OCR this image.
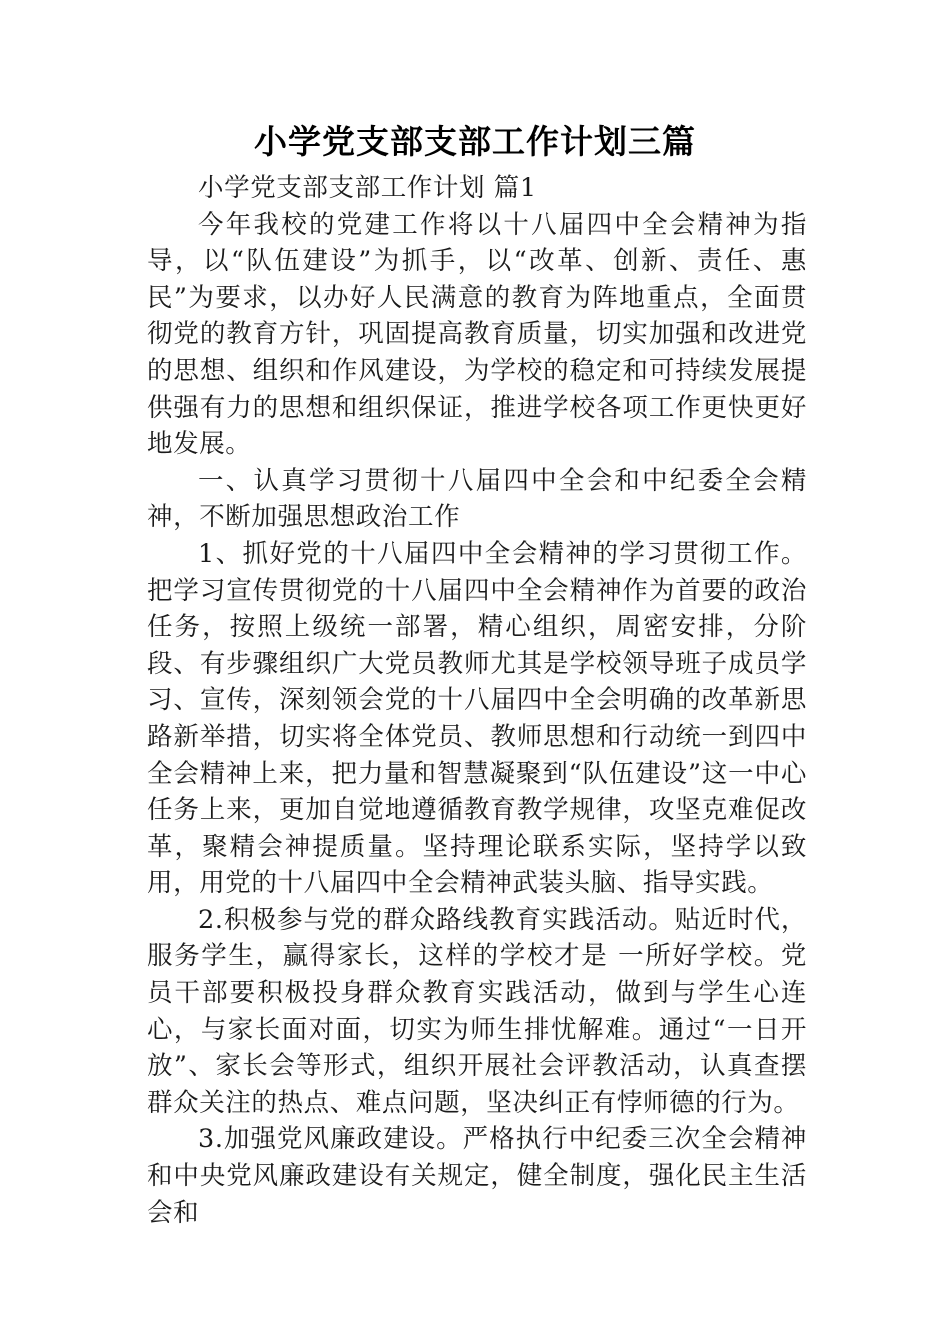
小学党支部支部工作计划三篇

小学党支部支部工作计划 篇1

今年我校的党建工作将以十八届四中全会精神为指导，以“队伍建设”为抓手，以“改革、创新、责任、惠民”为要求，以办好人民满意的教育为阵地重点，全面贯彻党的教育方针，巩固提高教育质量，切实加强和改进党的思想、组织和作风建设，为学校的稳定和可持续发展提供强有力的思想和组织保证，推进学校各项工作更快更好地发展。

一、认真学习贯彻十八届四中全会和中纪委全会精神，不断加强思想政治工作

1、抓好党的十八届四中全会精神的学习贯彻工作。把学习宣传贯彻党的十八届四中全会精神作为首要的政治任务，按照上级统一部署，精心组织，周密安排，分阶段、有步骤组织广大党员教师尤其是学校领导班子成员学习、宣传，深刻领会党的十八届四中全会明确的改革新思路新举措，切实将全体党员、教师思想和行动统一到四中全会精神上来，把力量和智慧凝聚到“队伍建设”这一中心任务上来，更加自觉地遵循教育教学规律，攻坚克难促改革，聚精会神提质量。坚持理论联系实际，坚持学以致用，用党的十八届四中全会精神武装头脑、指导实践。

2.积极参与党的群众路线教育实践活动。贴近时代，服务学生，赢得家长，这样的学校才是 一所好学校。党员干部要积极投身群众教育实践活动，做到与学生心连心，与家长面对面，切实为师生排忧解难。通过“一日开放”、家长会等形式，组织开展社会评教活动，认真查摆群众关注的热点、难点问题，坚决纠正有悖师德的行为。

3.加强党风廉政建设。严格执行中纪委三次全会精神和中央党风廉政建设有关规定，健全制度，强化民主生活会和
